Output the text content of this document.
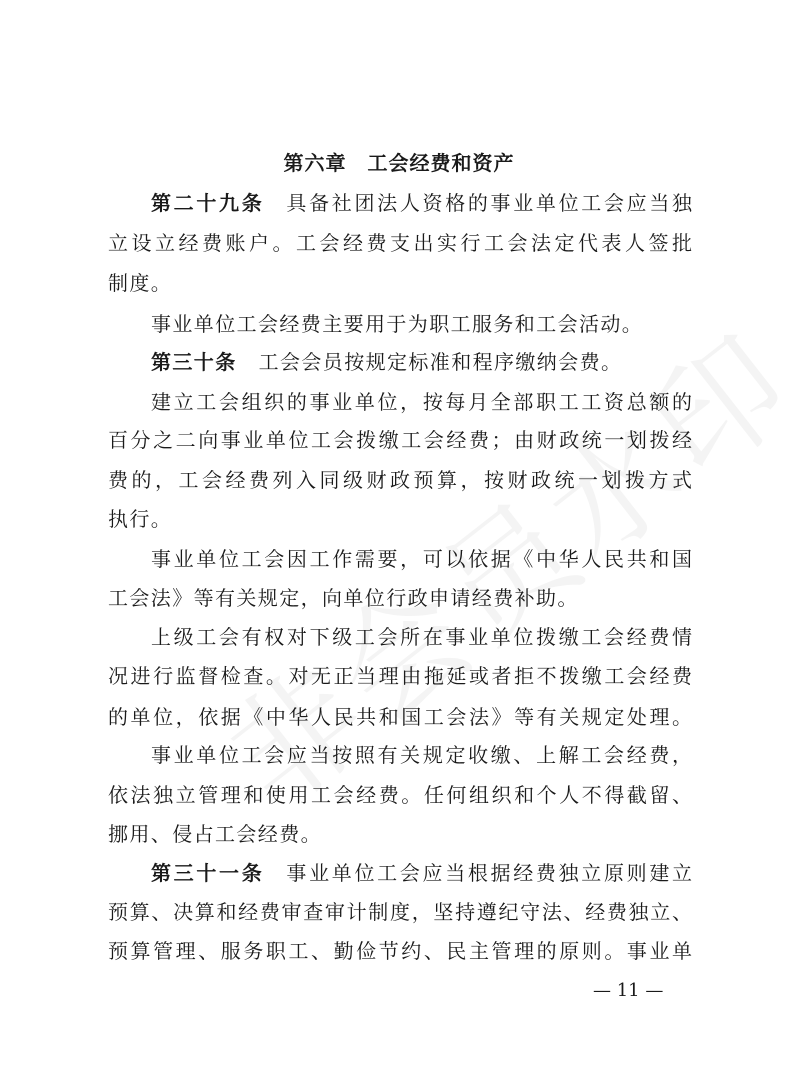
第六章　工会经费和资产
第二十九条 具备社团法人资格的事业单位工会应当独
立设立经费账户。工会经费支出实行工会法定代表人签批
制度。
事业单位工会经费主要用于为职工服务和工会活动。
第三十条 工会会员按规定标准和程序缴纳会费。
建立工会组织的事业单位，按每月全部职工工资总额的
百分之二向事业单位工会拨缴工会经费；由财政统一划拨经
费的，工会经费列入同级财政预算，按财政统一划拨方式
执行。
事业单位工会因工作需要，可以依据《中华人民共和国
工会法》等有关规定，向单位行政申请经费补助。
上级工会有权对下级工会所在事业单位拨缴工会经费情
况进行监督检查。对无正当理由拖延或者拒不拨缴工会经费
的单位，依据《中华人民共和国工会法》等有关规定处理。
事业单位工会应当按照有关规定收缴、上解工会经费，
依法独立管理和使用工会经费。任何组织和个人不得截留、
挪用、侵占工会经费。
第三十一条 事业单位工会应当根据经费独立原则建立
预算、决算和经费审查审计制度，坚持遵纪守法、经费独立、
预算管理、服务职工、勤俭节约、民主管理的原则。事业单
— 11 —
